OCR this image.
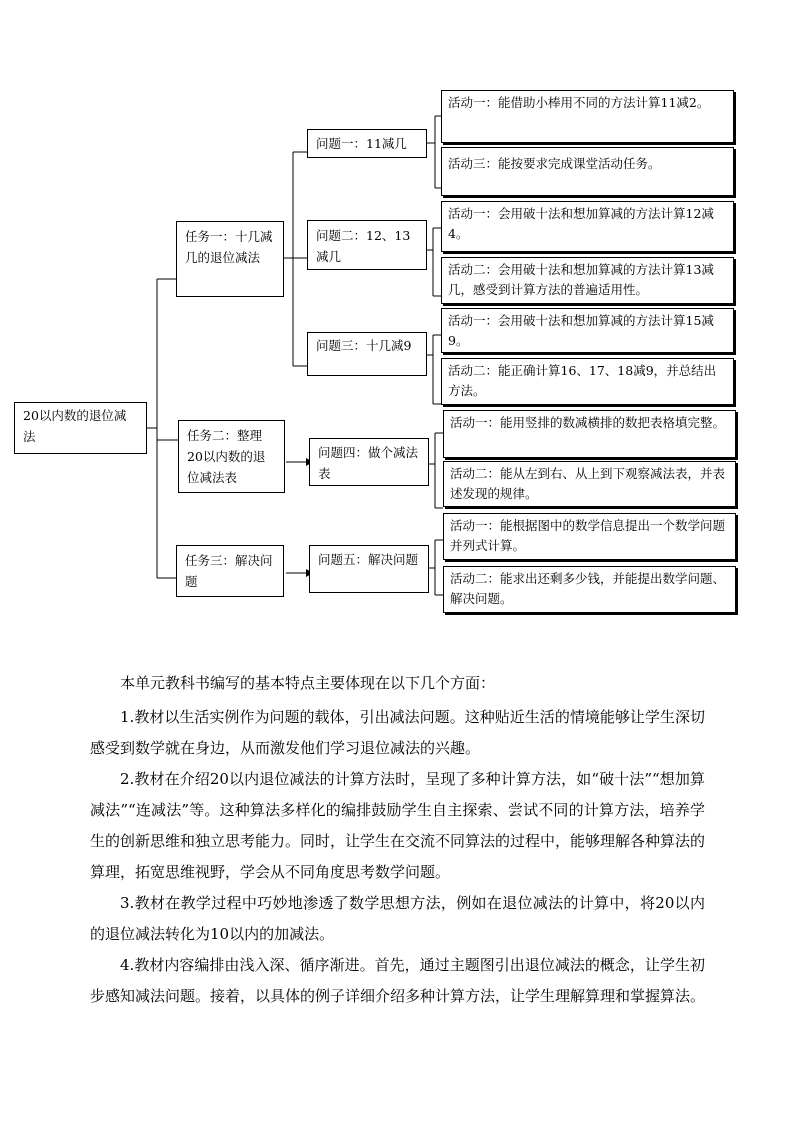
20以内数的退位减法
任务一：十几减几的退位减法
任务二：整理20以内数的退位减法表
任务三：解决问题
问题一：11减几
问题二：12、13减几
问题三：十几减9
问题四：做个减法表
问题五：解决问题
活动一：能借助小棒用不同的方法计算11减2。
活动三：能按要求完成课堂活动任务。
活动一：会用破十法和想加算减的方法计算12减4。
活动二：会用破十法和想加算减的方法计算13减几，感受到计算方法的普遍适用性。
活动一：会用破十法和想加算减的方法计算15减9。
活动二：能正确计算16、17、18减9，并总结出方法。
活动一：能用竖排的数减横排的数把表格填完整。
活动二：能从左到右、从上到下观察减法表，并表述发现的规律。
活动一：能根据图中的数学信息提出一个数学问题并列式计算。
活动二：能求出还剩多少钱，并能提出数学问题、解决问题。

本单元教科书编写的基本特点主要体现在以下几个方面：

1.教材以生活实例作为问题的载体，引出减法问题。这种贴近生活的情境能够让学生深切感受到数学就在身边，从而激发他们学习退位减法的兴趣。

2.教材在介绍20以内退位减法的计算方法时，呈现了多种计算方法，如“破十法”“想加算减法”“连减法”等。这种算法多样化的编排鼓励学生自主探索、尝试不同的计算方法，培养学生的创新思维和独立思考能力。同时，让学生在交流不同算法的过程中，能够理解各种算法的算理，拓宽思维视野，学会从不同角度思考数学问题。

3.教材在教学过程中巧妙地渗透了数学思想方法，例如在退位减法的计算中，将20以内的退位减法转化为10以内的加减法。

4.教材内容编排由浅入深、循序渐进。首先，通过主题图引出退位减法的概念，让学生初步感知减法问题。接着，以具体的例子详细介绍多种计算方法，让学生理解算理和掌握算法。
